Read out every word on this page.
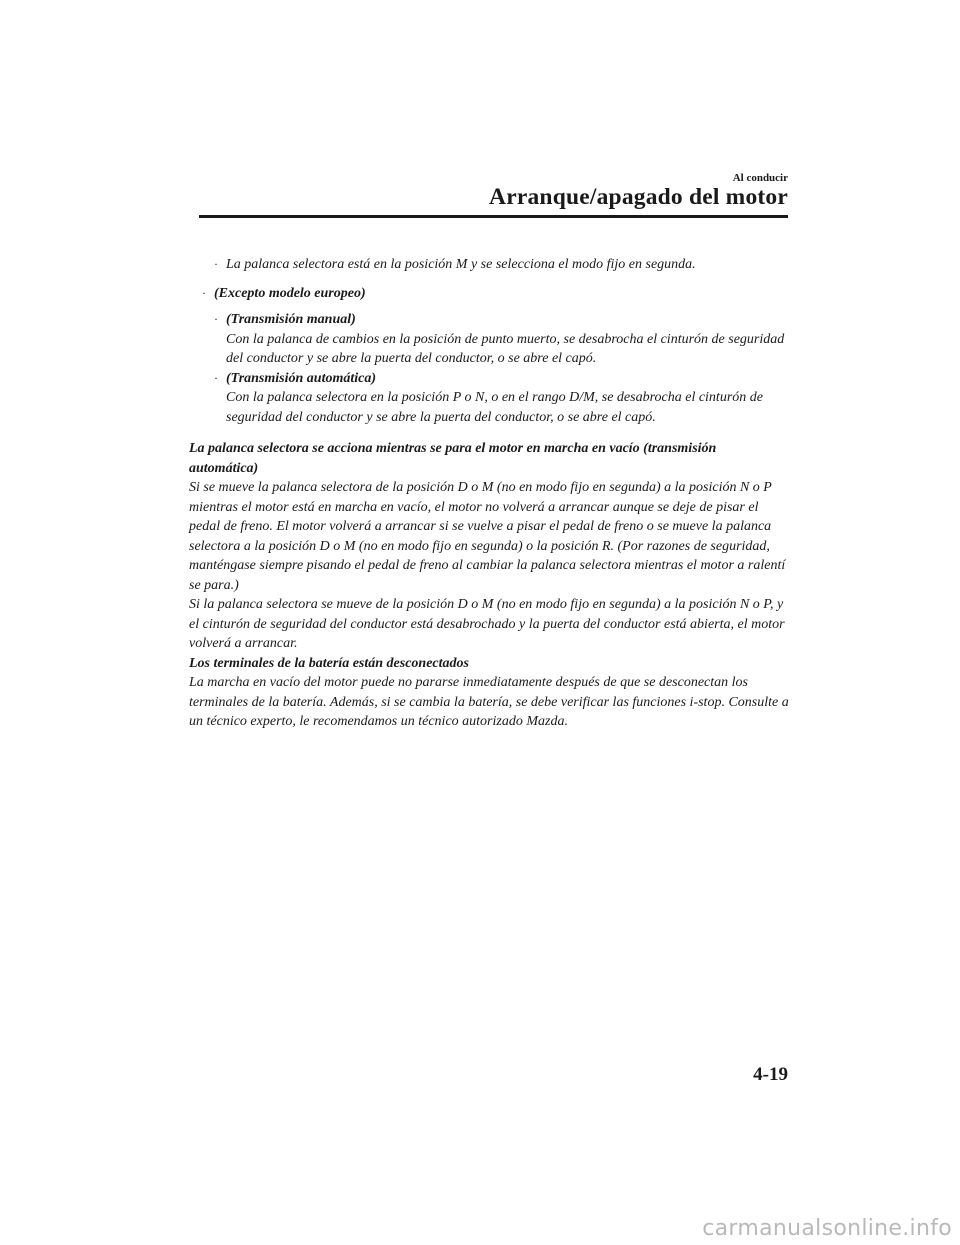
Al conducir
Arranque/apagado del motor
· La palanca selectora está en la posición M y se selecciona el modo fijo en segunda.

· (Excepto modelo europeo)

· (Transmisión manual)

Con la palanca de cambios en la posición de punto muerto, se desabrocha el cinturón de seguridad del conductor y se abre la puerta del conductor, o se abre el capó.

· (Transmisión automática)

Con la palanca selectora en la posición P o N, o en el rango D/M, se desabrocha el cinturón de seguridad del conductor y se abre la puerta del conductor, o se abre el capó.

La palanca selectora se acciona mientras se para el motor en marcha en vacío (transmisión automática)

Si se mueve la palanca selectora de la posición D o M (no en modo fijo en segunda) a la posición N o P mientras el motor está en marcha en vacío, el motor no volverá a arrancar aunque se deje de pisar el pedal de freno. El motor volverá a arrancar si se vuelve a pisar el pedal de freno o se mueve la palanca selectora a la posición D o M (no en modo fijo en segunda) o la posición R. (Por razones de seguridad, manténgase siempre pisando el pedal de freno al cambiar la palanca selectora mientras el motor a ralentí se para.)

Si la palanca selectora se mueve de la posición D o M (no en modo fijo en segunda) a la posición N o P, y el cinturón de seguridad del conductor está desabrochado y la puerta del conductor está abierta, el motor volverá a arrancar.

Los terminales de la batería están desconectados

La marcha en vacío del motor puede no pararse inmediatamente después de que se desconectan los terminales de la batería. Además, si se cambia la batería, se debe verificar las funciones i-stop. Consulte a un técnico experto, le recomendamos un técnico autorizado Mazda.

4-19
carmanualsonline.info
